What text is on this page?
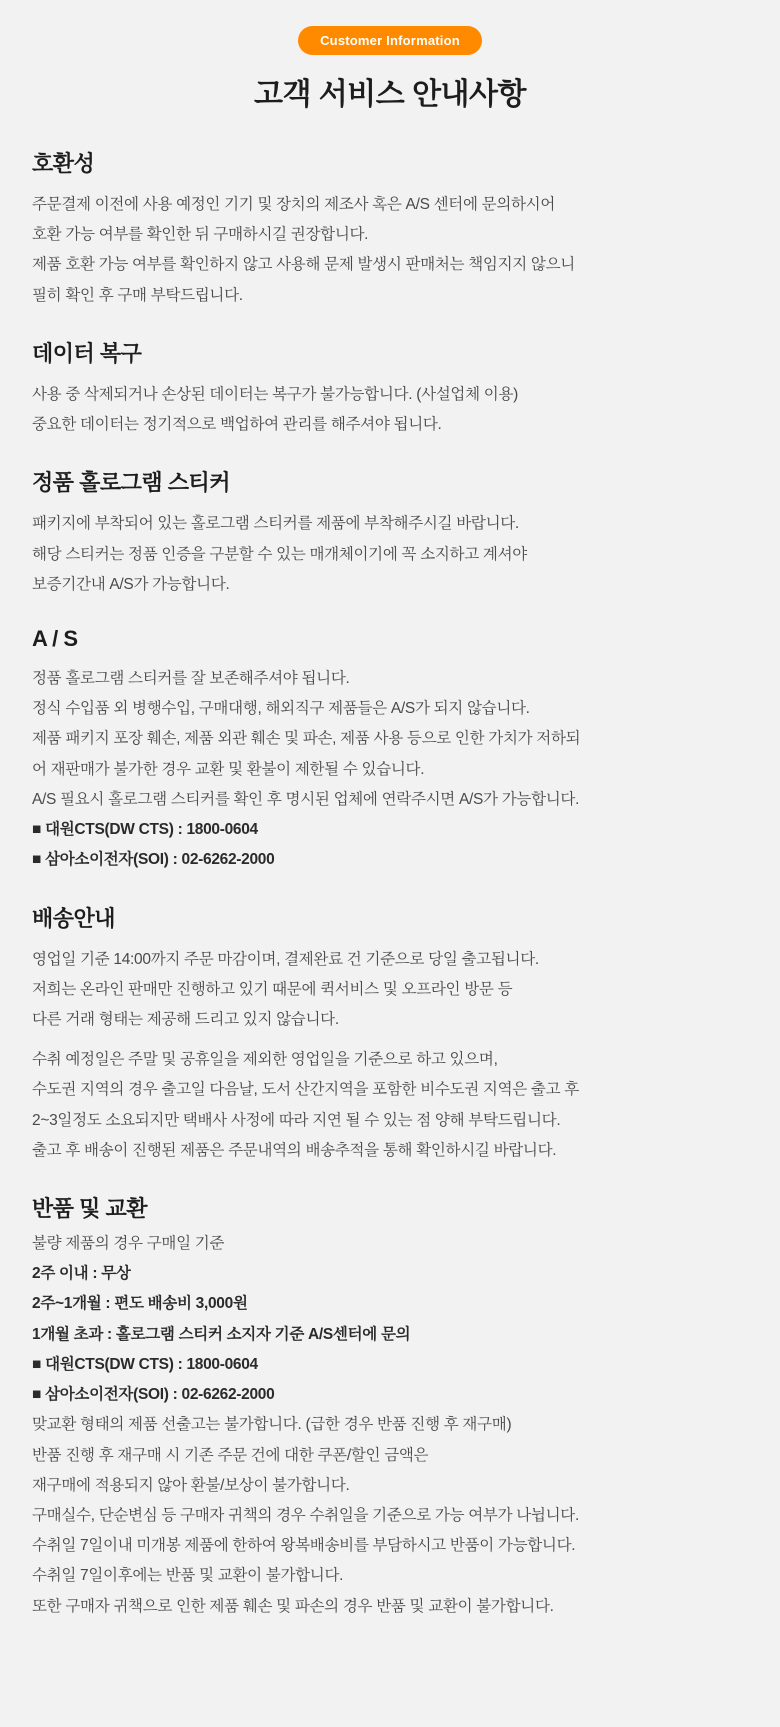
Customer Information
고객 서비스 안내사항
호환성
주문결제 이전에 사용 예정인 기기 및 장치의 제조사 혹은 A/S 센터에 문의하시어
호환 가능 여부를 확인한 뒤 구매하시길 권장합니다.
제품 호환 가능 여부를 확인하지 않고 사용해 문제 발생시 판매처는 책임지지 않으니
필히 확인 후 구매 부탁드립니다.
데이터 복구
사용 중 삭제되거나 손상된 데이터는 복구가 불가능합니다. (사설업체 이용)
중요한 데이터는 정기적으로 백업하여 관리를 해주셔야 됩니다.
정품 홀로그램 스티커
패키지에 부착되어 있는 홀로그램 스티커를 제품에 부착해주시길 바랍니다.
해당 스티커는 정품 인증을 구분할 수 있는 매개체이기에 꼭 소지하고 계셔야
보증기간내 A/S가 가능합니다.
A / S
정품 홀로그램 스티커를 잘 보존해주셔야 됩니다.
정식 수입품 외 병행수입, 구매대행, 해외직구 제품들은 A/S가 되지 않습니다.
제품 패키지 포장 훼손, 제품 외관 훼손 및 파손, 제품 사용 등으로 인한 가치가 저하되
어 재판매가 불가한 경우 교환 및 환불이 제한될 수 있습니다.
A/S 필요시 홀로그램 스티커를 확인 후 명시된 업체에 연락주시면 A/S가 가능합니다.
■ 대원CTS(DW CTS) : 1800-0604
■ 삼아소이전자(SOI) : 02-6262-2000
배송안내
영업일 기준 14:00까지 주문 마감이며, 결제완료 건 기준으로 당일 출고됩니다.
저희는 온라인 판매만 진행하고 있기 때문에 퀵서비스 및 오프라인 방문 등
다른 거래 형태는 제공해 드리고 있지 않습니다.
수취 예정일은 주말 및 공휴일을 제외한 영업일을 기준으로 하고 있으며,
수도권 지역의 경우 출고일 다음날, 도서 산간지역을 포함한 비수도권 지역은 출고 후
2~3일정도 소요되지만 택배사 사정에 따라 지연 될 수 있는 점 양해 부탁드립니다.
출고 후 배송이 진행된 제품은 주문내역의 배송추적을 통해 확인하시길 바랍니다.
반품 및 교환
불량 제품의 경우 구매일 기준
2주 이내 : 무상
2주~1개월 : 편도 배송비 3,000원
1개월 초과 : 홀로그램 스티커 소지자 기준 A/S센터에 문의
■ 대원CTS(DW CTS) : 1800-0604
■ 삼아소이전자(SOI) : 02-6262-2000
맞교환 형태의 제품 선출고는 불가합니다. (급한 경우 반품 진행 후 재구매)
반품 진행 후 재구매 시 기존 주문 건에 대한 쿠폰/할인 금액은
재구매에 적용되지 않아 환불/보상이 불가합니다.
구매실수, 단순변심 등 구매자 귀책의 경우 수취일을 기준으로 가능 여부가 나뉩니다.
수취일 7일이내 미개봉 제품에 한하여 왕복배송비를 부담하시고 반품이 가능합니다.
수취일 7일이후에는 반품 및 교환이 불가합니다.
또한 구매자 귀책으로 인한 제품 훼손 및 파손의 경우 반품 및 교환이 불가합니다.
